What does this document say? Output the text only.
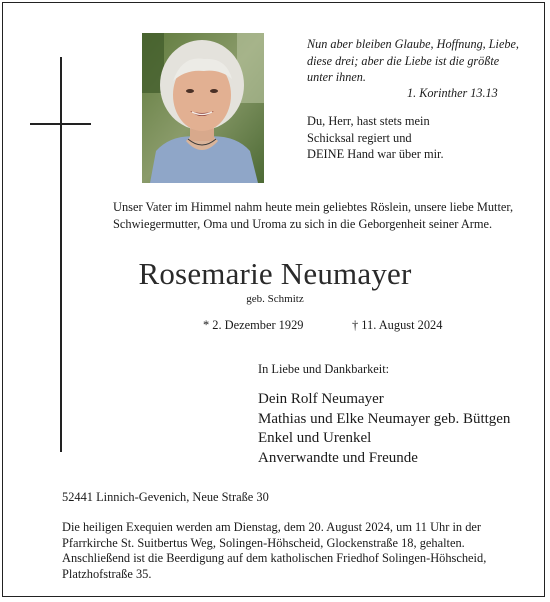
Nun aber bleiben Glaube, Hoffnung, Liebe,
diese drei; aber die Liebe ist die größte
unter ihnen.
1. Korinther 13.13
Du, Herr, hast stets mein
Schicksal regiert und
DEINE Hand war über mir.
Unser Vater im Himmel nahm heute mein geliebtes Röslein, unsere liebe Mutter, Schwiegermutter, Oma und Uroma zu sich in die Geborgenheit seiner Arme.
Rosemarie Neumayer
geb. Schmitz
* 2. Dezember 1929	† 11. August 2024
In Liebe und Dankbarkeit:
Dein Rolf Neumayer
Mathias und Elke Neumayer geb. Büttgen
Enkel und Urenkel
Anverwandte und Freunde
52441 Linnich-Gevenich, Neue Straße 30
Die heiligen Exequien werden am Dienstag, dem 20. August 2024, um 11 Uhr in der
Pfarrkirche St. Suitbertus Weg, Solingen-Höhscheid, Glockenstraße 18, gehalten.
Anschließend ist die Beerdigung auf dem katholischen Friedhof Solingen-Höhscheid,
Platzhofstraße 35.
